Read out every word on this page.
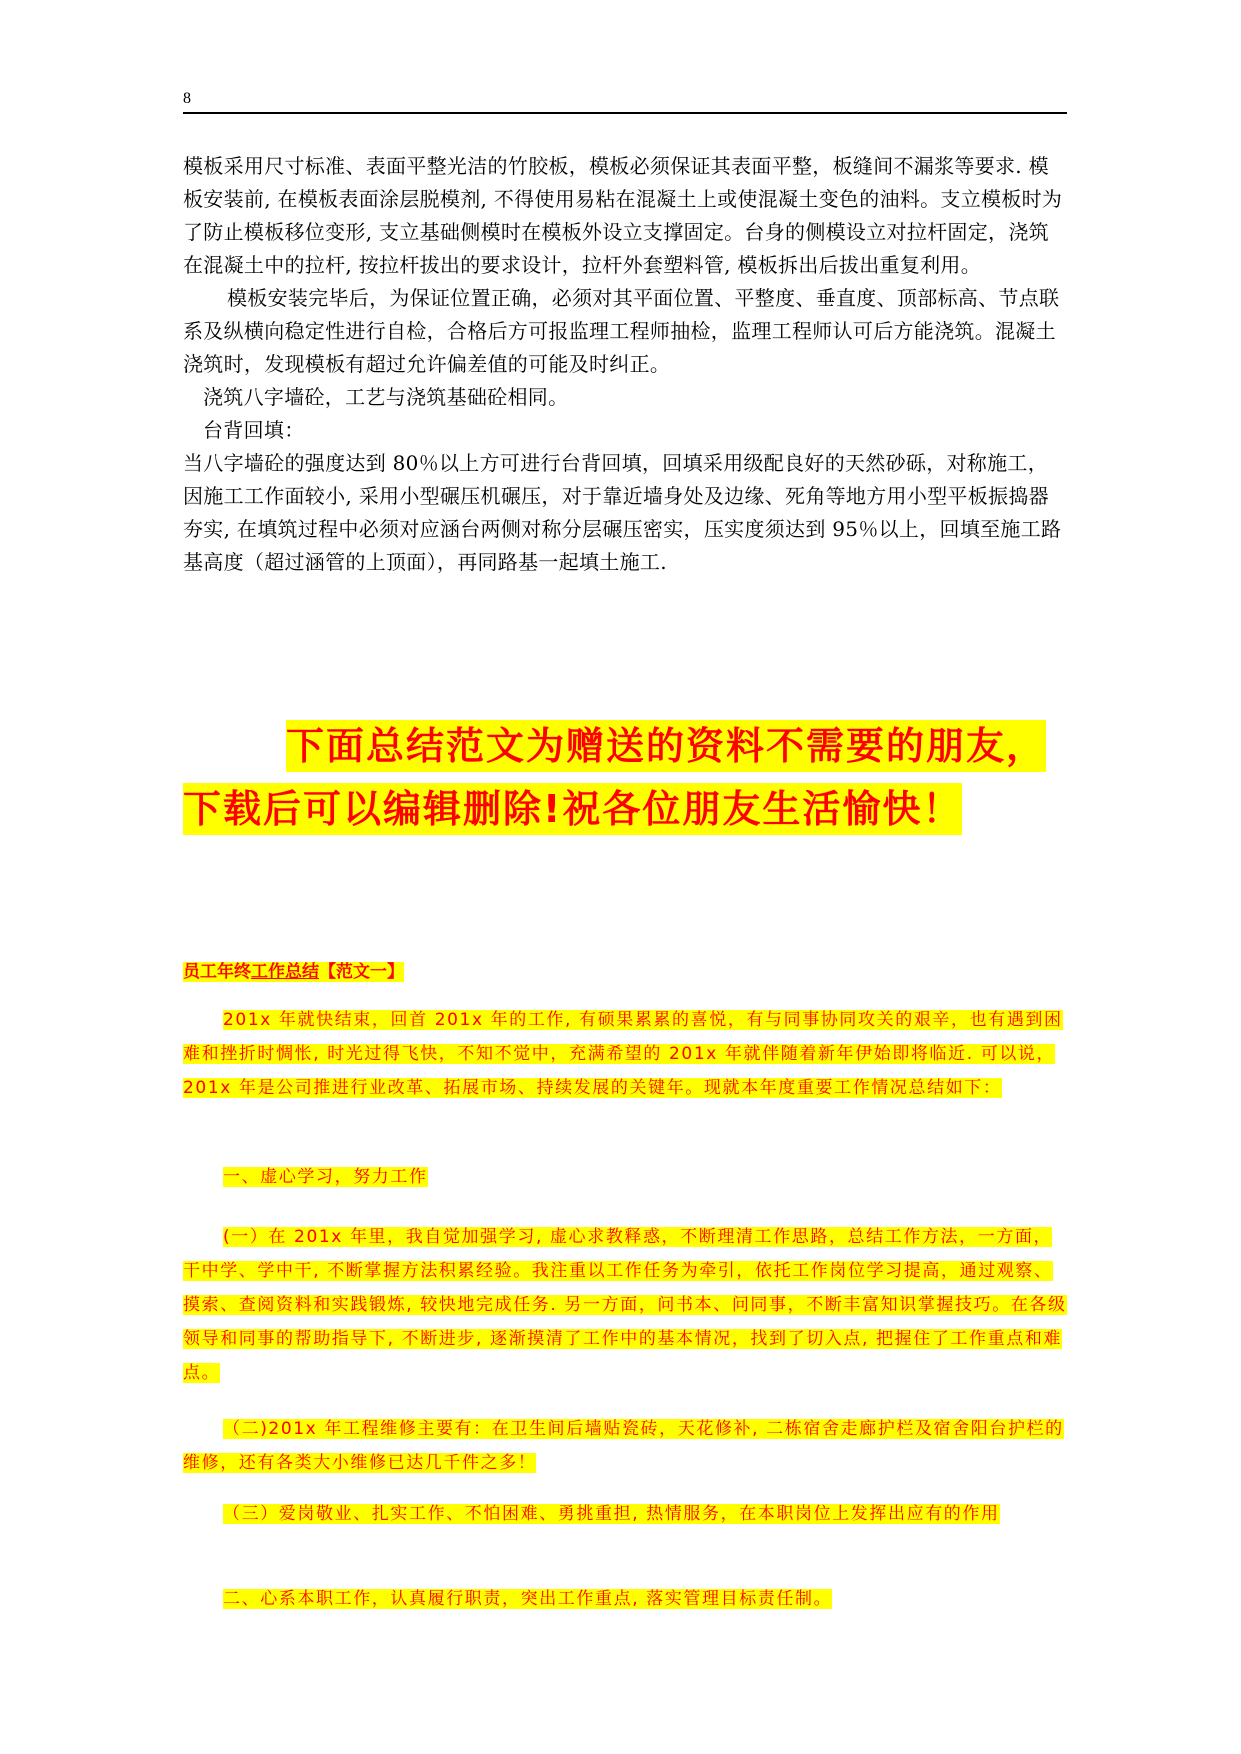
8

模板采用尺寸标准、表面平整光洁的竹胶板，模板必须保证其表面平整，板缝间不漏浆等要求. 模板安装前, 在模板表面涂层脱模剂, 不得使用易粘在混凝土上或使混凝土变色的油料。支立模板时为了防止模板移位变形, 支立基础侧模时在模板外设立支撑固定。台身的侧模设立对拉杆固定，浇筑在混凝土中的拉杆, 按拉杆拔出的要求设计，拉杆外套塑料管, 模板拆出后拔出重复利用。

模板安装完毕后，为保证位置正确，必须对其平面位置、平整度、垂直度、顶部标高、节点联系及纵横向稳定性进行自检，合格后方可报监理工程师抽检，监理工程师认可后方能浇筑。混凝土浇筑时，发现模板有超过允许偏差值的可能及时纠正。

浇筑八字墙砼，工艺与浇筑基础砼相同。

台背回填：

当八字墙砼的强度达到 80％以上方可进行台背回填，回填采用级配良好的天然砂砾，对称施工，因施工工作面较小, 采用小型碾压机碾压，对于靠近墙身处及边缘、死角等地方用小型平板振捣器夯实, 在填筑过程中必须对应涵台两侧对称分层碾压密实，压实度须达到 95％以上，回填至施工路基高度（超过涵管的上顶面），再同路基一起填土施工.

下面总结范文为赠送的资料不需要的朋友，
下载后可以编辑删除!祝各位朋友生活愉快！
员工年终工作总结【范文一】
201x 年就快结束，回首 201x 年的工作, 有硕果累累的喜悦，有与同事协同攻关的艰辛，也有遇到困难和挫折时惆怅, 时光过得飞快，不知不觉中，充满希望的 201x 年就伴随着新年伊始即将临近. 可以说，201x 年是公司推进行业改革、拓展市场、持续发展的关键年。现就本年度重要工作情况总结如下：
一、虚心学习，努力工作
(一）在 201x 年里，我自觉加强学习, 虚心求教释惑，不断理清工作思路，总结工作方法，一方面，干中学、学中干, 不断掌握方法积累经验。我注重以工作任务为牵引，依托工作岗位学习提高，通过观察、摸索、查阅资料和实践锻炼, 较快地完成任务. 另一方面，问书本、问同事，不断丰富知识掌握技巧。在各级领导和同事的帮助指导下, 不断进步, 逐渐摸清了工作中的基本情况，找到了切入点, 把握住了工作重点和难点。
（二)201x 年工程维修主要有：在卫生间后墙贴瓷砖，天花修补, 二栋宿舍走廊护栏及宿舍阳台护栏的维修，还有各类大小维修已达几千件之多！
（三）爱岗敬业、扎实工作、不怕困难、勇挑重担, 热情服务，在本职岗位上发挥出应有的作用
二、心系本职工作，认真履行职责，突出工作重点, 落实管理目标责任制。
